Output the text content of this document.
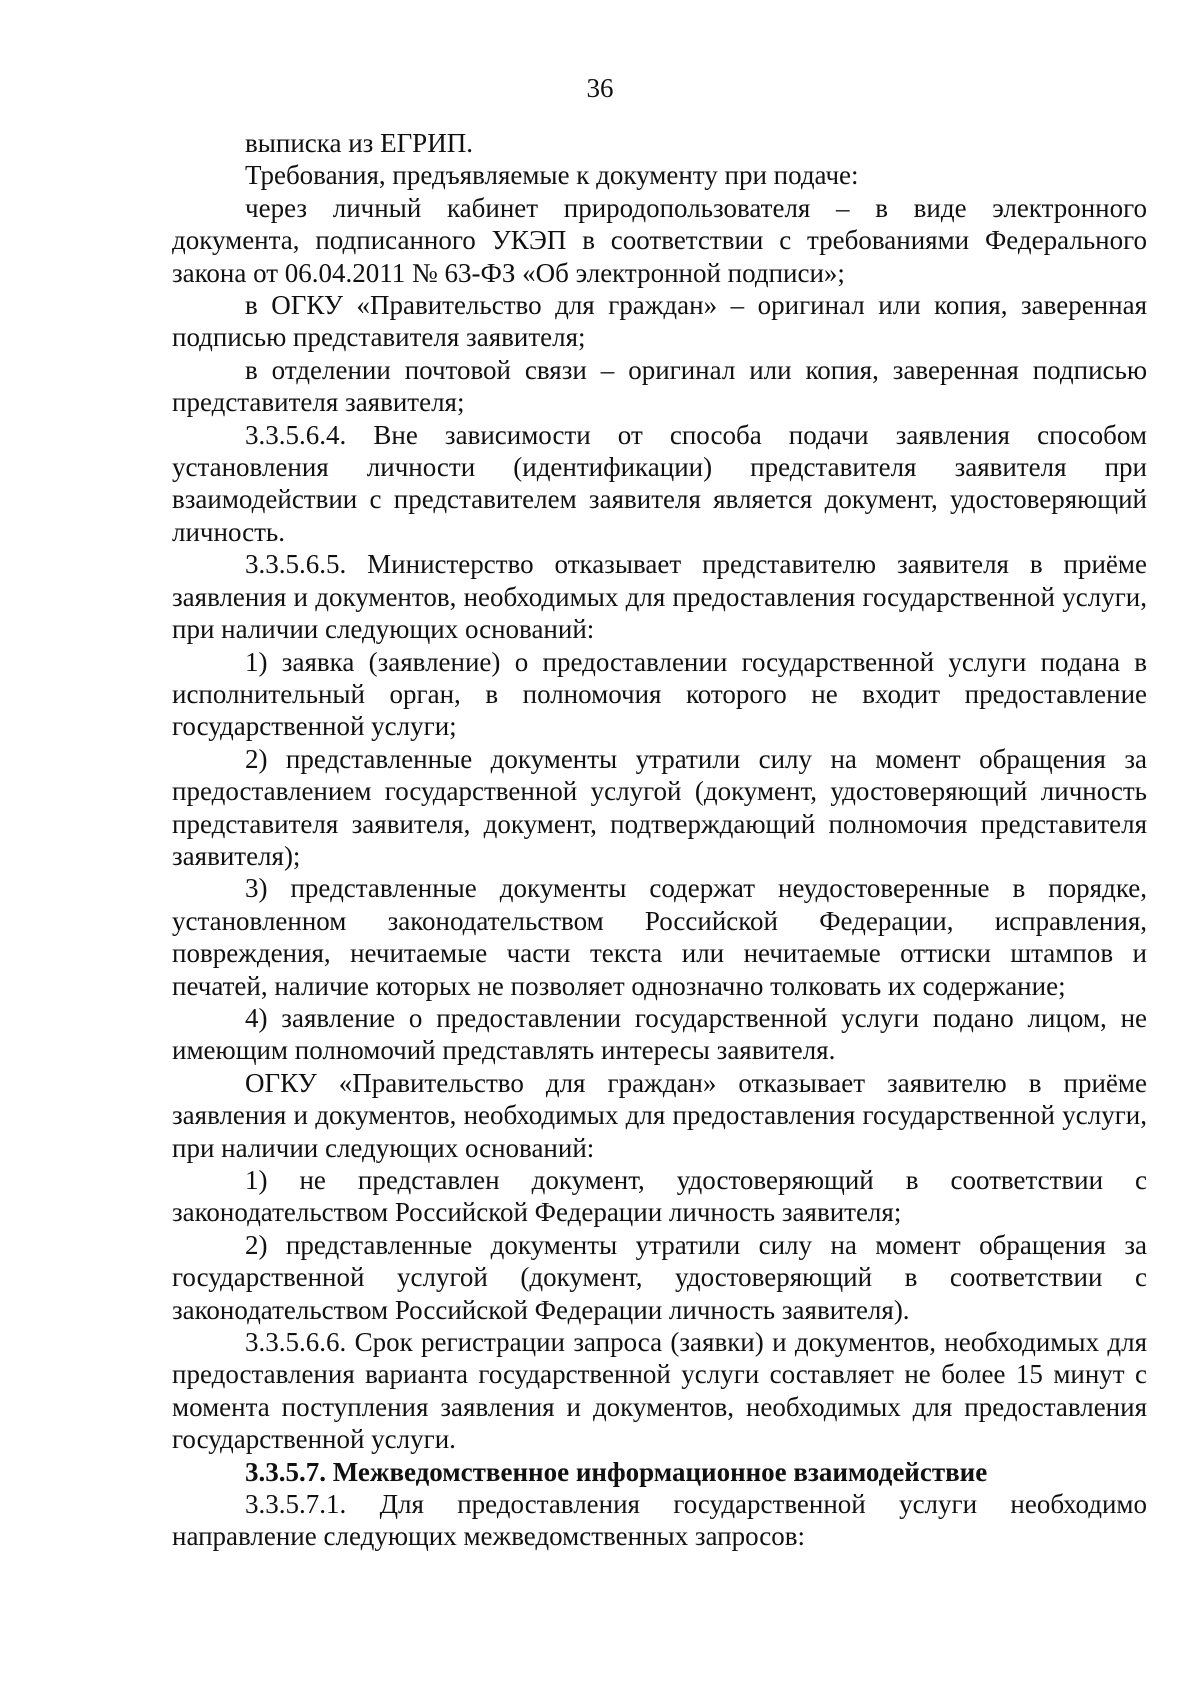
36

выписка из ЕГРИП.

Требования, предъявляемые к документу при подаче:

через личный кабинет природопользователя – в виде электронного документа, подписанного УКЭП в соответствии с требованиями Федерального закона от 06.04.2011 № 63-ФЗ «Об электронной подписи»;

в ОГКУ «Правительство для граждан» – оригинал или копия, заверенная подписью представителя заявителя;

в отделении почтовой связи – оригинал или копия, заверенная подписью представителя заявителя;

3.3.5.6.4. Вне зависимости от способа подачи заявления способом установления личности (идентификации) представителя заявителя при взаимодействии с представителем заявителя является документ, удостоверяющий личность.

3.3.5.6.5. Министерство отказывает представителю заявителя в приёме заявления и документов, необходимых для предоставления государственной услуги, при наличии следующих оснований:

1) заявка (заявление) о предоставлении государственной услуги подана в исполнительный орган, в полномочия которого не входит предоставление государственной услуги;

2) представленные документы утратили силу на момент обращения за предоставлением государственной услугой (документ, удостоверяющий личность представителя заявителя, документ, подтверждающий полномочия представителя заявителя);

3) представленные документы содержат неудостоверенные в порядке, установленном законодательством Российской Федерации, исправления, повреждения, нечитаемые части текста или нечитаемые оттиски штампов и печатей, наличие которых не позволяет однозначно толковать их содержание;

4) заявление о предоставлении государственной услуги подано лицом, не имеющим полномочий представлять интересы заявителя.

ОГКУ «Правительство для граждан» отказывает заявителю в приёме заявления и документов, необходимых для предоставления государственной услуги, при наличии следующих оснований:

1) не представлен документ, удостоверяющий в соответствии с законодательством Российской Федерации личность заявителя;

2) представленные документы утратили силу на момент обращения за государственной услугой (документ, удостоверяющий в соответствии с законодательством Российской Федерации личность заявителя).

3.3.5.6.6. Срок регистрации запроса (заявки) и документов, необходимых для предоставления варианта государственной услуги составляет не более 15 минут с момента поступления заявления и документов, необходимых для предоставления государственной услуги.

3.3.5.7. Межведомственное информационное взаимодействие

3.3.5.7.1. Для предоставления государственной услуги необходимо направление следующих межведомственных запросов:
